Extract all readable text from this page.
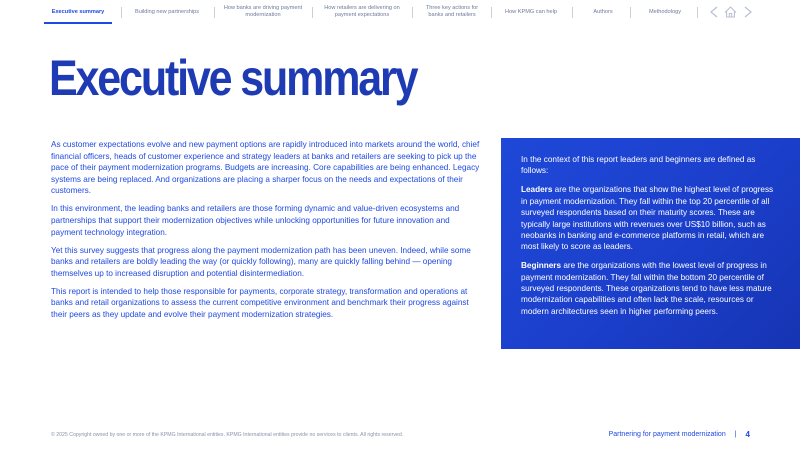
Executive summary	Building new partnerships
How banks are driving payment modernization
How retailers are delivering on payment expectations
Three key actions for banks and retailers
How KPMG can help	Authors	Methodology
Executive summary

As customer expectations evolve and new payment options are rapidly introduced into markets around the world, chief financial officers, heads of customer experience and strategy leaders at banks and retailers are seeking to pick up the pace of their payment modernization programs. Budgets are increasing. Core capabilities are being enhanced. Legacy systems are being replaced. And organizations are placing a sharper focus on the needs and expectations of their customers.

In this environment, the leading banks and retailers are those forming dynamic and value-driven ecosystems and partnerships that support their modernization objectives while unlocking opportunities for future innovation and payment technology integration.

Yet this survey suggests that progress along the payment modernization path has been uneven. Indeed, while some banks and retailers are boldly leading the way (or quickly following), many are quickly falling behind — opening themselves up to increased disruption and potential disintermediation.

This report is intended to help those responsible for payments, corporate strategy, transformation and operations at banks and retail organizations to assess the current competitive environment and benchmark their progress against their peers as they update and evolve their payment modernization strategies.

In the context of this report leaders and beginners are defined as follows:

Leaders are the organizations that show the highest level of progress in payment modernization. They fall within the top 20 percentile of all surveyed respondents based on their maturity scores. These are typically large institutions with revenues over US$10 billion, such as neobanks in banking and e-commerce platforms in retail, which are most likely to score as leaders.

Beginners are the organizations with the lowest level of progress in payment modernization. They fall within the bottom 20 percentile of surveyed respondents. These organizations tend to have less mature modernization capabilities and often lack the scale, resources or modern architectures seen in higher performing peers.

© 2025 Copyright owned by one or more of the KPMG International entities. KPMG International entities provide no services to clients. All rights reserved.	Partnering for payment modernization | 4
